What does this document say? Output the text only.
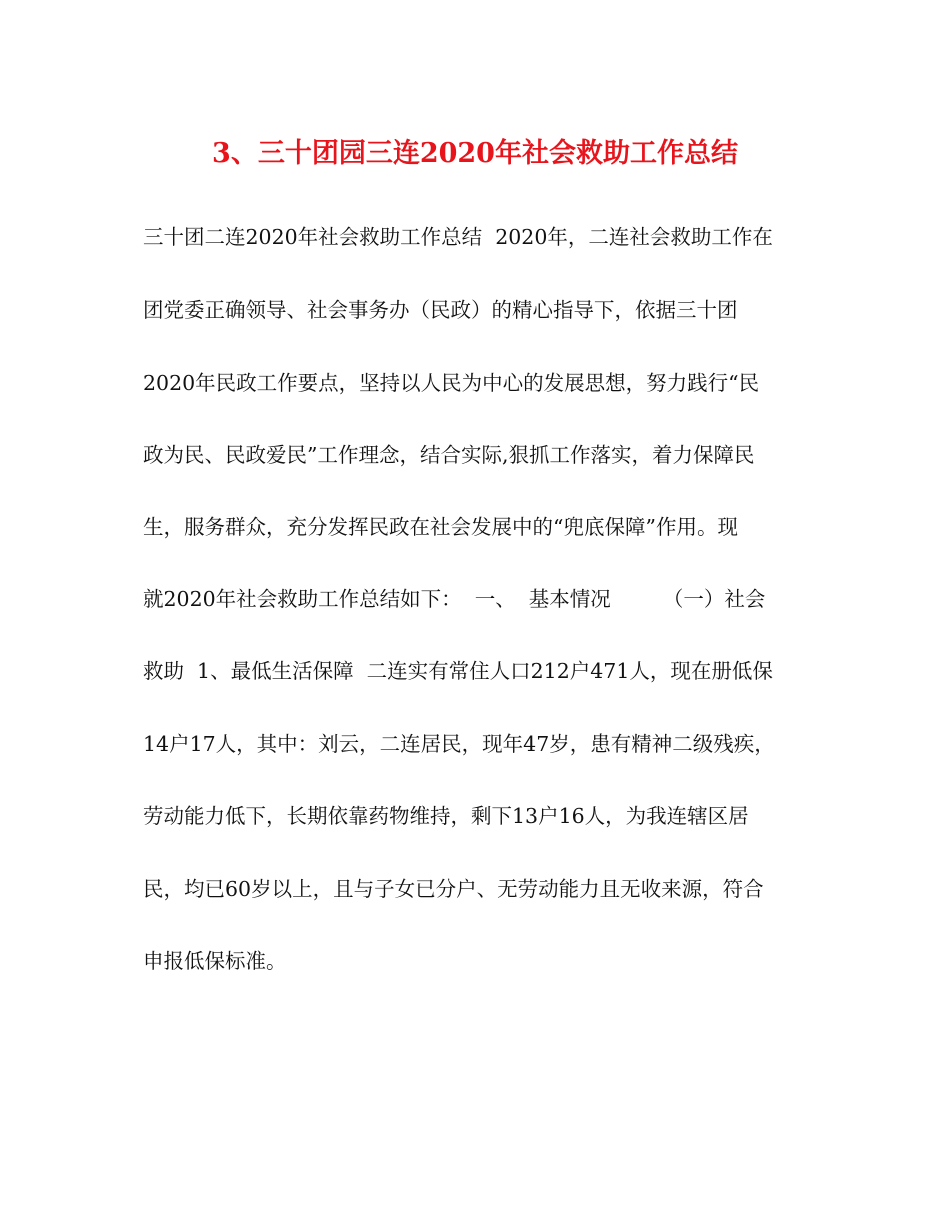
3、三十团园三连2020年社会救助工作总结
三十团二连2020年社会救助工作总结  2020年，二连社会救助工作在
团党委正确领导、社会事务办（民政）的精心指导下，依据三十团
2020年民政工作要点，坚持以人民为中心的发展思想，努力践行“民
政为民、民政爱民”工作理念，结合实际,狠抓工作落实，着力保障民
生，服务群众，充分发挥民政在社会发展中的“兜底保障”作用。现
就2020年社会救助工作总结如下：  一、  基本情况        （一）社会
救助  1、最低生活保障  二连实有常住人口212户471人，现在册低保
14户17人，其中：刘云，二连居民，现年47岁，患有精神二级残疾，
劳动能力低下，长期依靠药物维持，剩下13户16人，为我连辖区居
民，均已60岁以上，且与子女已分户、无劳动能力且无收来源，符合
申报低保标准。
